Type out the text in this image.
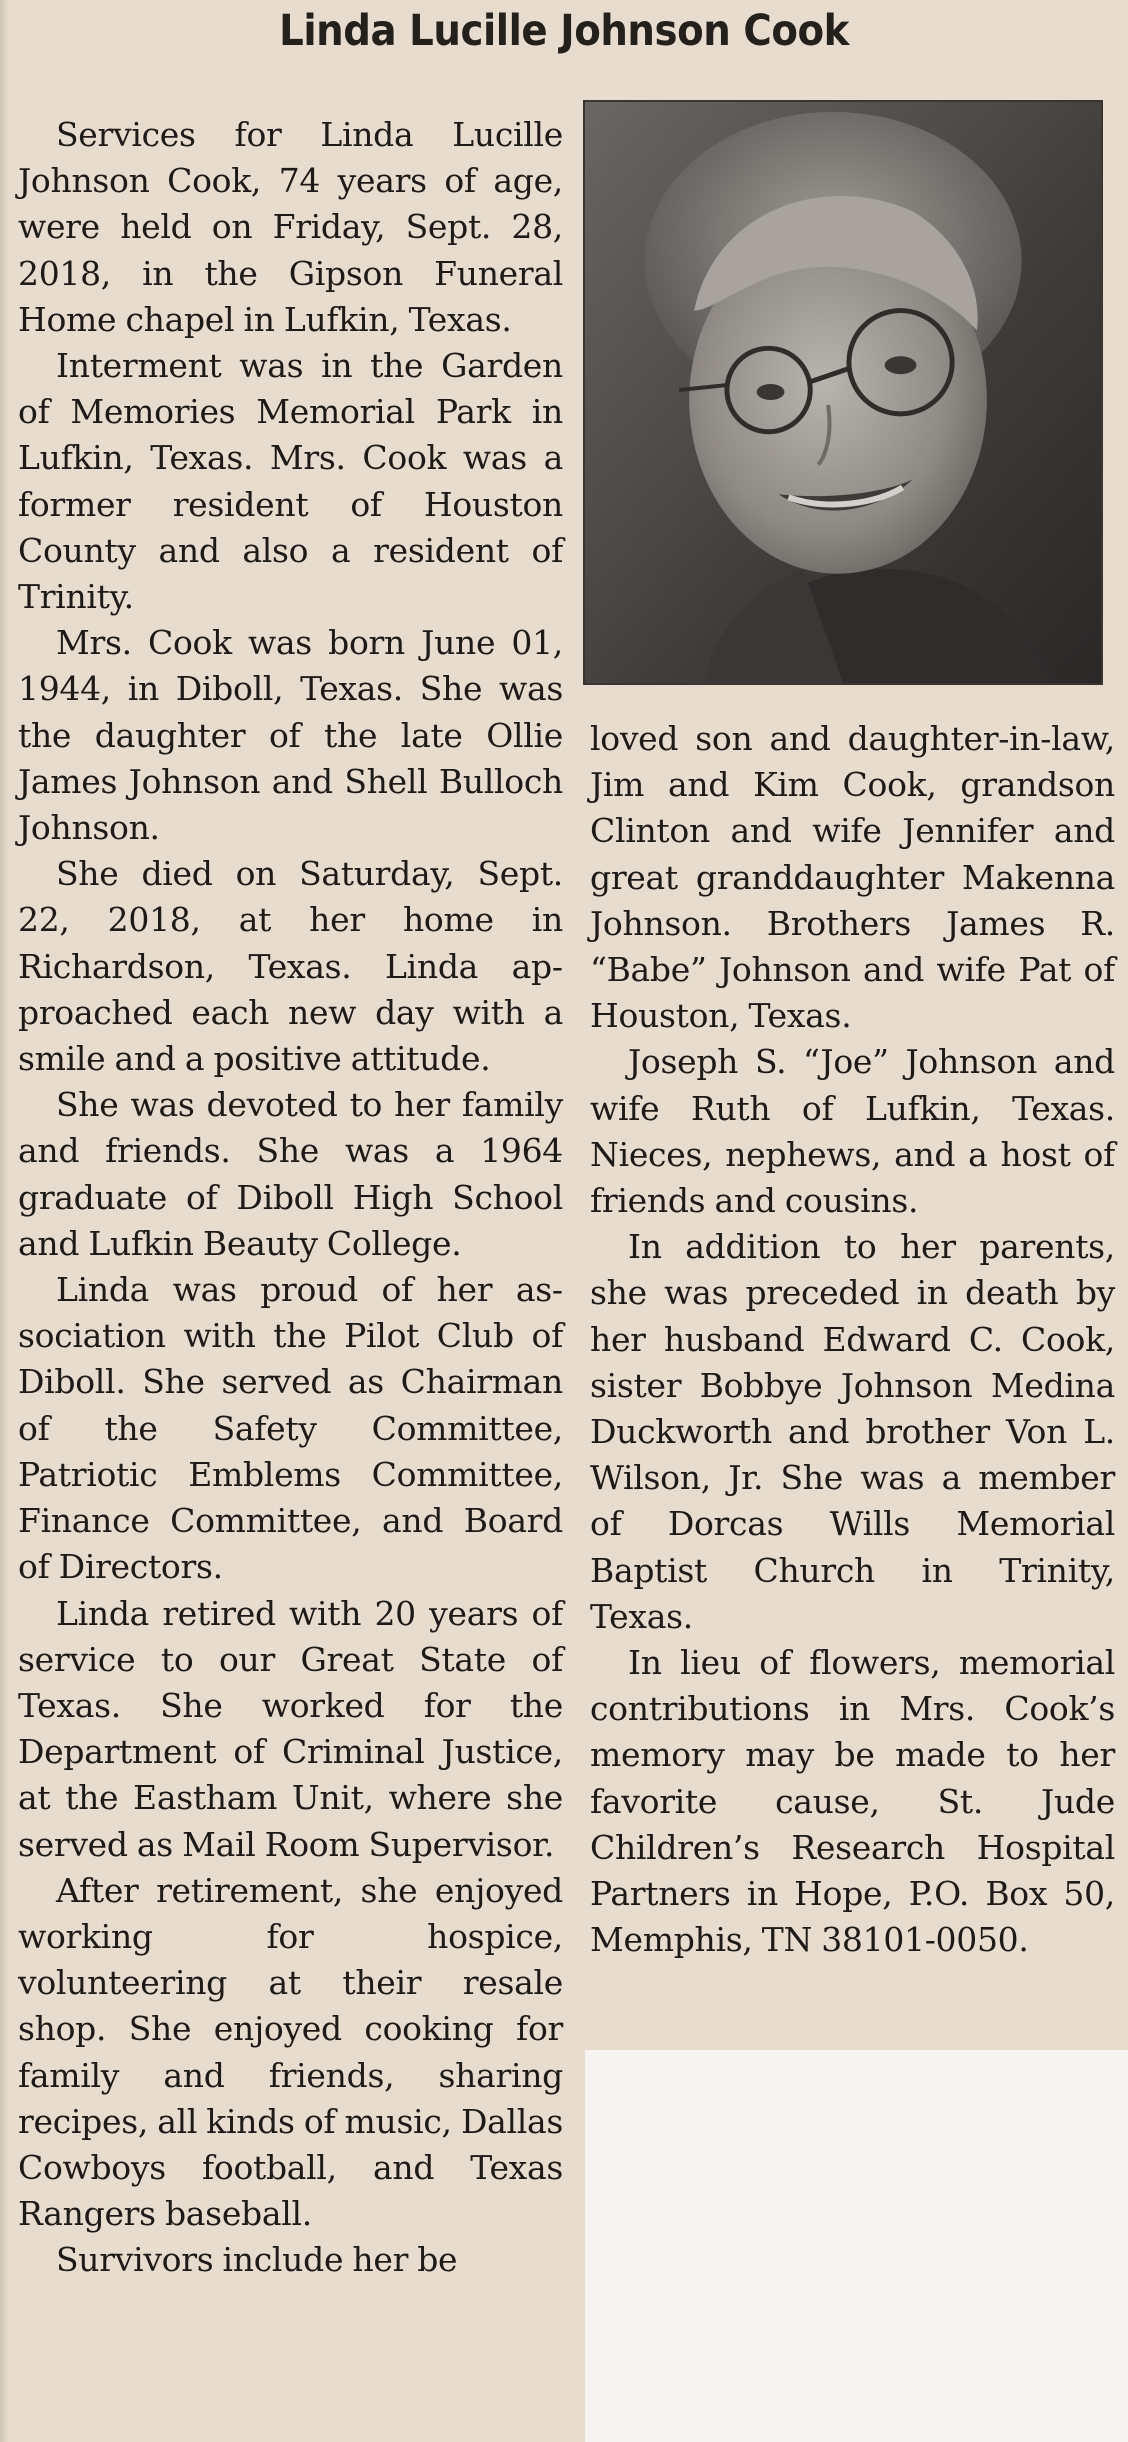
Linda Lucille Johnson Cook

Services for Linda Lucille Johnson Cook, 74 years of age, were held on Friday, Sept. 28, 2018, in the Gipson Funeral Home chapel in Lufkin, Texas.

Interment was in the Garden of Memories Memorial Park in Lufkin, Texas. Mrs. Cook was a former resident of Houston County and also a resident of Trinity.

Mrs. Cook was born June 01, 1944, in Diboll, Texas. She was the daughter of the late Ollie James Johnson and Shell Bulloch Johnson.

She died on Saturday, Sept. 22, 2018, at her home in Richardson, Texas. Linda approached each new day with a smile and a positive attitude.

She was devoted to her family and friends. She was a 1964 graduate of Diboll High School and Lufkin Beauty College.

Linda was proud of her association with the Pilot Club of Diboll. She served as Chairman of the Safety Committee, Patriotic Emblems Committee, Finance Committee, and Board of Directors.

Linda retired with 20 years of service to our Great State of Texas. She worked for the Department of Criminal Justice, at the Eastham Unit, where she served as Mail Room Supervisor.

After retirement, she enjoyed working for hospice, volunteering at their resale shop. She enjoyed cooking for family and friends, sharing recipes, all kinds of music, Dallas Cowboys football, and Texas Rangers baseball.

Survivors include her be

loved son and daughter-in-law, Jim and Kim Cook, grandson Clinton and wife Jennifer and great granddaughter Makenna Johnson. Brothers James R. “Babe” Johnson and wife Pat of Houston, Texas.

Joseph S. “Joe” Johnson and wife Ruth of Lufkin, Texas. Nieces, nephews, and a host of friends and cousins.

In addition to her parents, she was preceded in death by her husband Edward C. Cook, sister Bobbye Johnson Medina Duckworth and brother Von L. Wilson, Jr. She was a member of Dorcas Wills Memorial Baptist Church in Trinity, Texas.

In lieu of flowers, memorial contributions in Mrs. Cook’s memory may be made to her favorite cause, St. Jude Children’s Research Hospital Partners in Hope, P.O. Box 50, Memphis, TN 38101-0050.
